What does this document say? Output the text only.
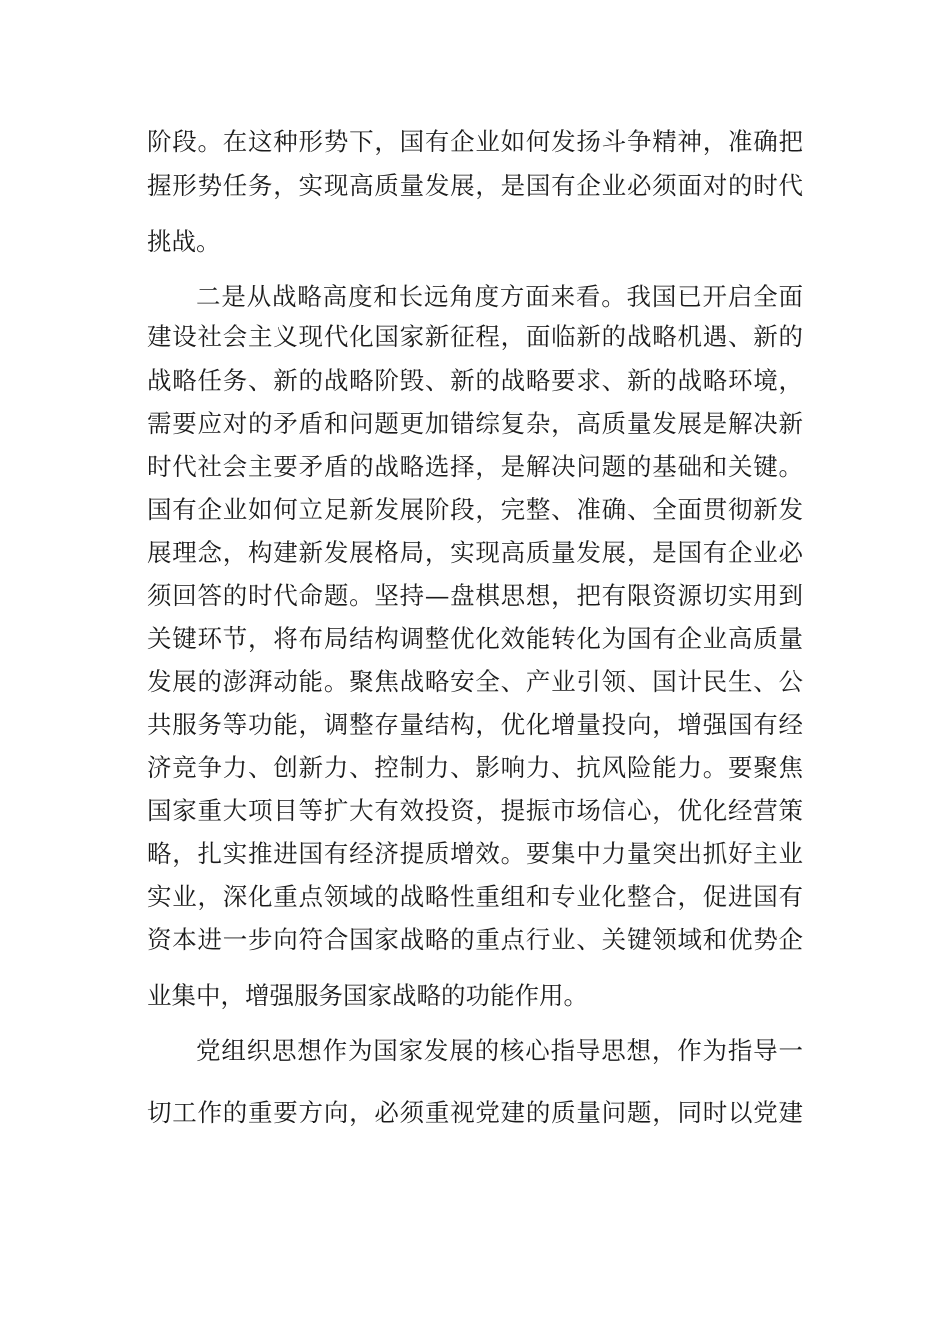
阶段。在这种形势下，国有企业如何发扬斗争精神，准确把
握形势任务，实现高质量发展，是国有企业必须面对的时代
挑战。
二是从战略高度和长远角度方面来看。我国已开启全面
建设社会主义现代化国家新征程，面临新的战略机遇、新的
战略任务、新的战略阶毁、新的战略要求、新的战略环境，
需要应对的矛盾和问题更加错综复杂，高质量发展是解决新
时代社会主要矛盾的战略选择，是解决问题的基础和关键。
国有企业如何立足新发展阶段，完整、准确、全面贯彻新发
展理念，构建新发展格局，实现高质量发展，是国有企业必
须回答的时代命题。坚持—盘棋思想，把有限资源切实用到
关键环节，将布局结构调整优化效能转化为国有企业高质量
发展的澎湃动能。聚焦战略安全、产业引领、国计民生、公
共服务等功能，调整存量结构，优化增量投向，增强国有经
济竞争力、创新力、控制力、影响力、抗风险能力。要聚焦
国家重大项目等扩大有效投资，提振市场信心，优化经营策
略，扎实推进国有经济提质增效。要集中力量突出抓好主业
实业，深化重点领域的战略性重组和专业化整合，促进国有
资本进一步向符合国家战略的重点行业、关键领域和优势企
业集中，增强服务国家战略的功能作用。
党组织思想作为国家发展的核心指导思想，作为指导一
切工作的重要方向，必须重视党建的质量问题，同时以党建
